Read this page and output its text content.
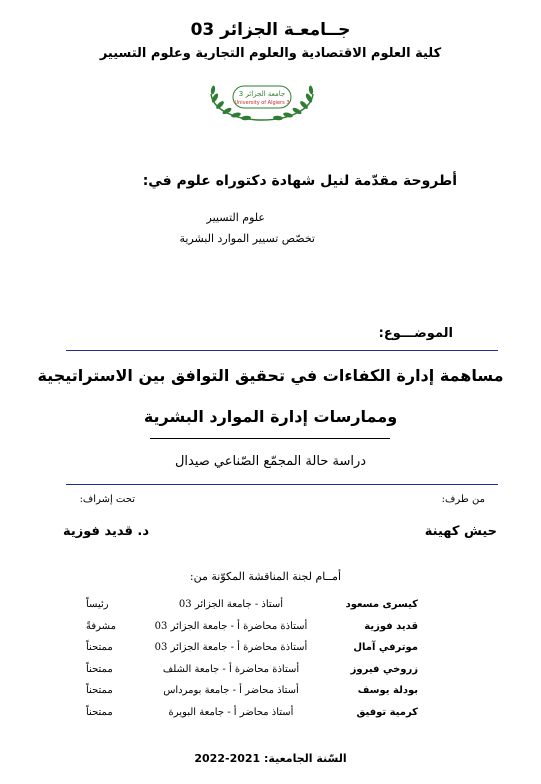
جــامعـة الجزائر 03
كلية العلوم الاقتصادية والعلوم التجارية وعلوم التسيير
جامعة الجزائر 3
University of Algiers 3
أطروحة مقدّمة لنيل شهادة دكتوراه علوم في:
علوم التسيير
تخصّص تسيير الموارد البشرية
الموضـــوع:
مساهمة إدارة الكفاءات في تحقيق التوافق بين الاستراتيجية
وممارسات إدارة الموارد البشرية
دراسة حالة المجمّع الصّناعي صيدال
من طرف:
تحت إشراف:
حيش كهينة
د. قديد فوزية
أمــام لجنة المناقشة المكوّنة من:
كيسرى مسعود	أستاذ - جامعة الجزائر 03	رئيساً
قديد فوزية	أستاذة محاضرة أ - جامعة الجزائر 03	مشرفةً
موترفي آمال	أستاذة محاضرة أ - جامعة الجزائر 03	ممتحناً
زروخي فيروز	أستاذة محاضرة أ - جامعة الشلف	ممتحناً
بودلة يوسف	أستاذ محاضر أ - جامعة بومرداس	ممتحناً
كرمية توفيق	أستاذ محاضر أ - جامعة البويرة	ممتحناً
السّنة الجامعية: 2021-2022
